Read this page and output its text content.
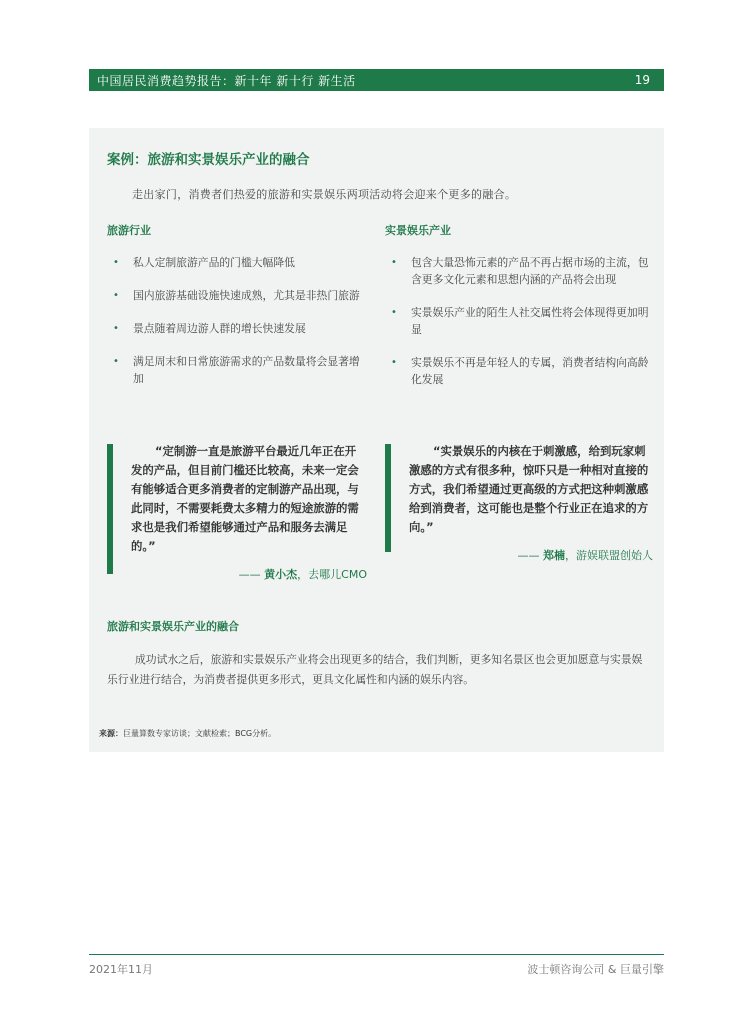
中国居民消费趋势报告：新十年 新十行 新生活	19
案例：旅游和实景娱乐产业的融合
走出家门，消费者们热爱的旅游和实景娱乐两项活动将会迎来个更多的融合。
旅游行业	实景娱乐产业
• 私人定制旅游产品的门槛大幅降低
• 国内旅游基础设施快速成熟，尤其是非热门旅游
• 景点随着周边游人群的增长快速发展
• 满足周末和日常旅游需求的产品数量将会显著增加
• 包含大量恐怖元素的产品不再占据市场的主流，包含更多文化元素和思想内涵的产品将会出现
• 实景娱乐产业的陌生人社交属性将会体现得更加明显
• 实景娱乐不再是年轻人的专属，消费者结构向高龄化发展
“定制游一直是旅游平台最近几年正在开发的产品，但目前门槛还比较高，未来一定会有能够适合更多消费者的定制游产品出现，与此同时，不需要耗费太多精力的短途旅游的需求也是我们希望能够通过产品和服务去满足的。”
—— 黄小杰，去哪儿CMO
“实景娱乐的内核在于刺激感，给到玩家刺激感的方式有很多种，惊吓只是一种相对直接的方式，我们希望通过更高级的方式把这种刺激感给到消费者，这可能也是整个行业正在追求的方向。”
—— 郑楠，游娱联盟创始人
旅游和实景娱乐产业的融合
成功试水之后，旅游和实景娱乐产业将会出现更多的结合，我们判断，更多知名景区也会更加愿意与实景娱乐行业进行结合，为消费者提供更多形式，更具文化属性和内涵的娱乐内容。
来源：巨量算数专家访谈；文献检索；BCG分析。
2021年11月	波士顿咨询公司 & 巨量引擎
